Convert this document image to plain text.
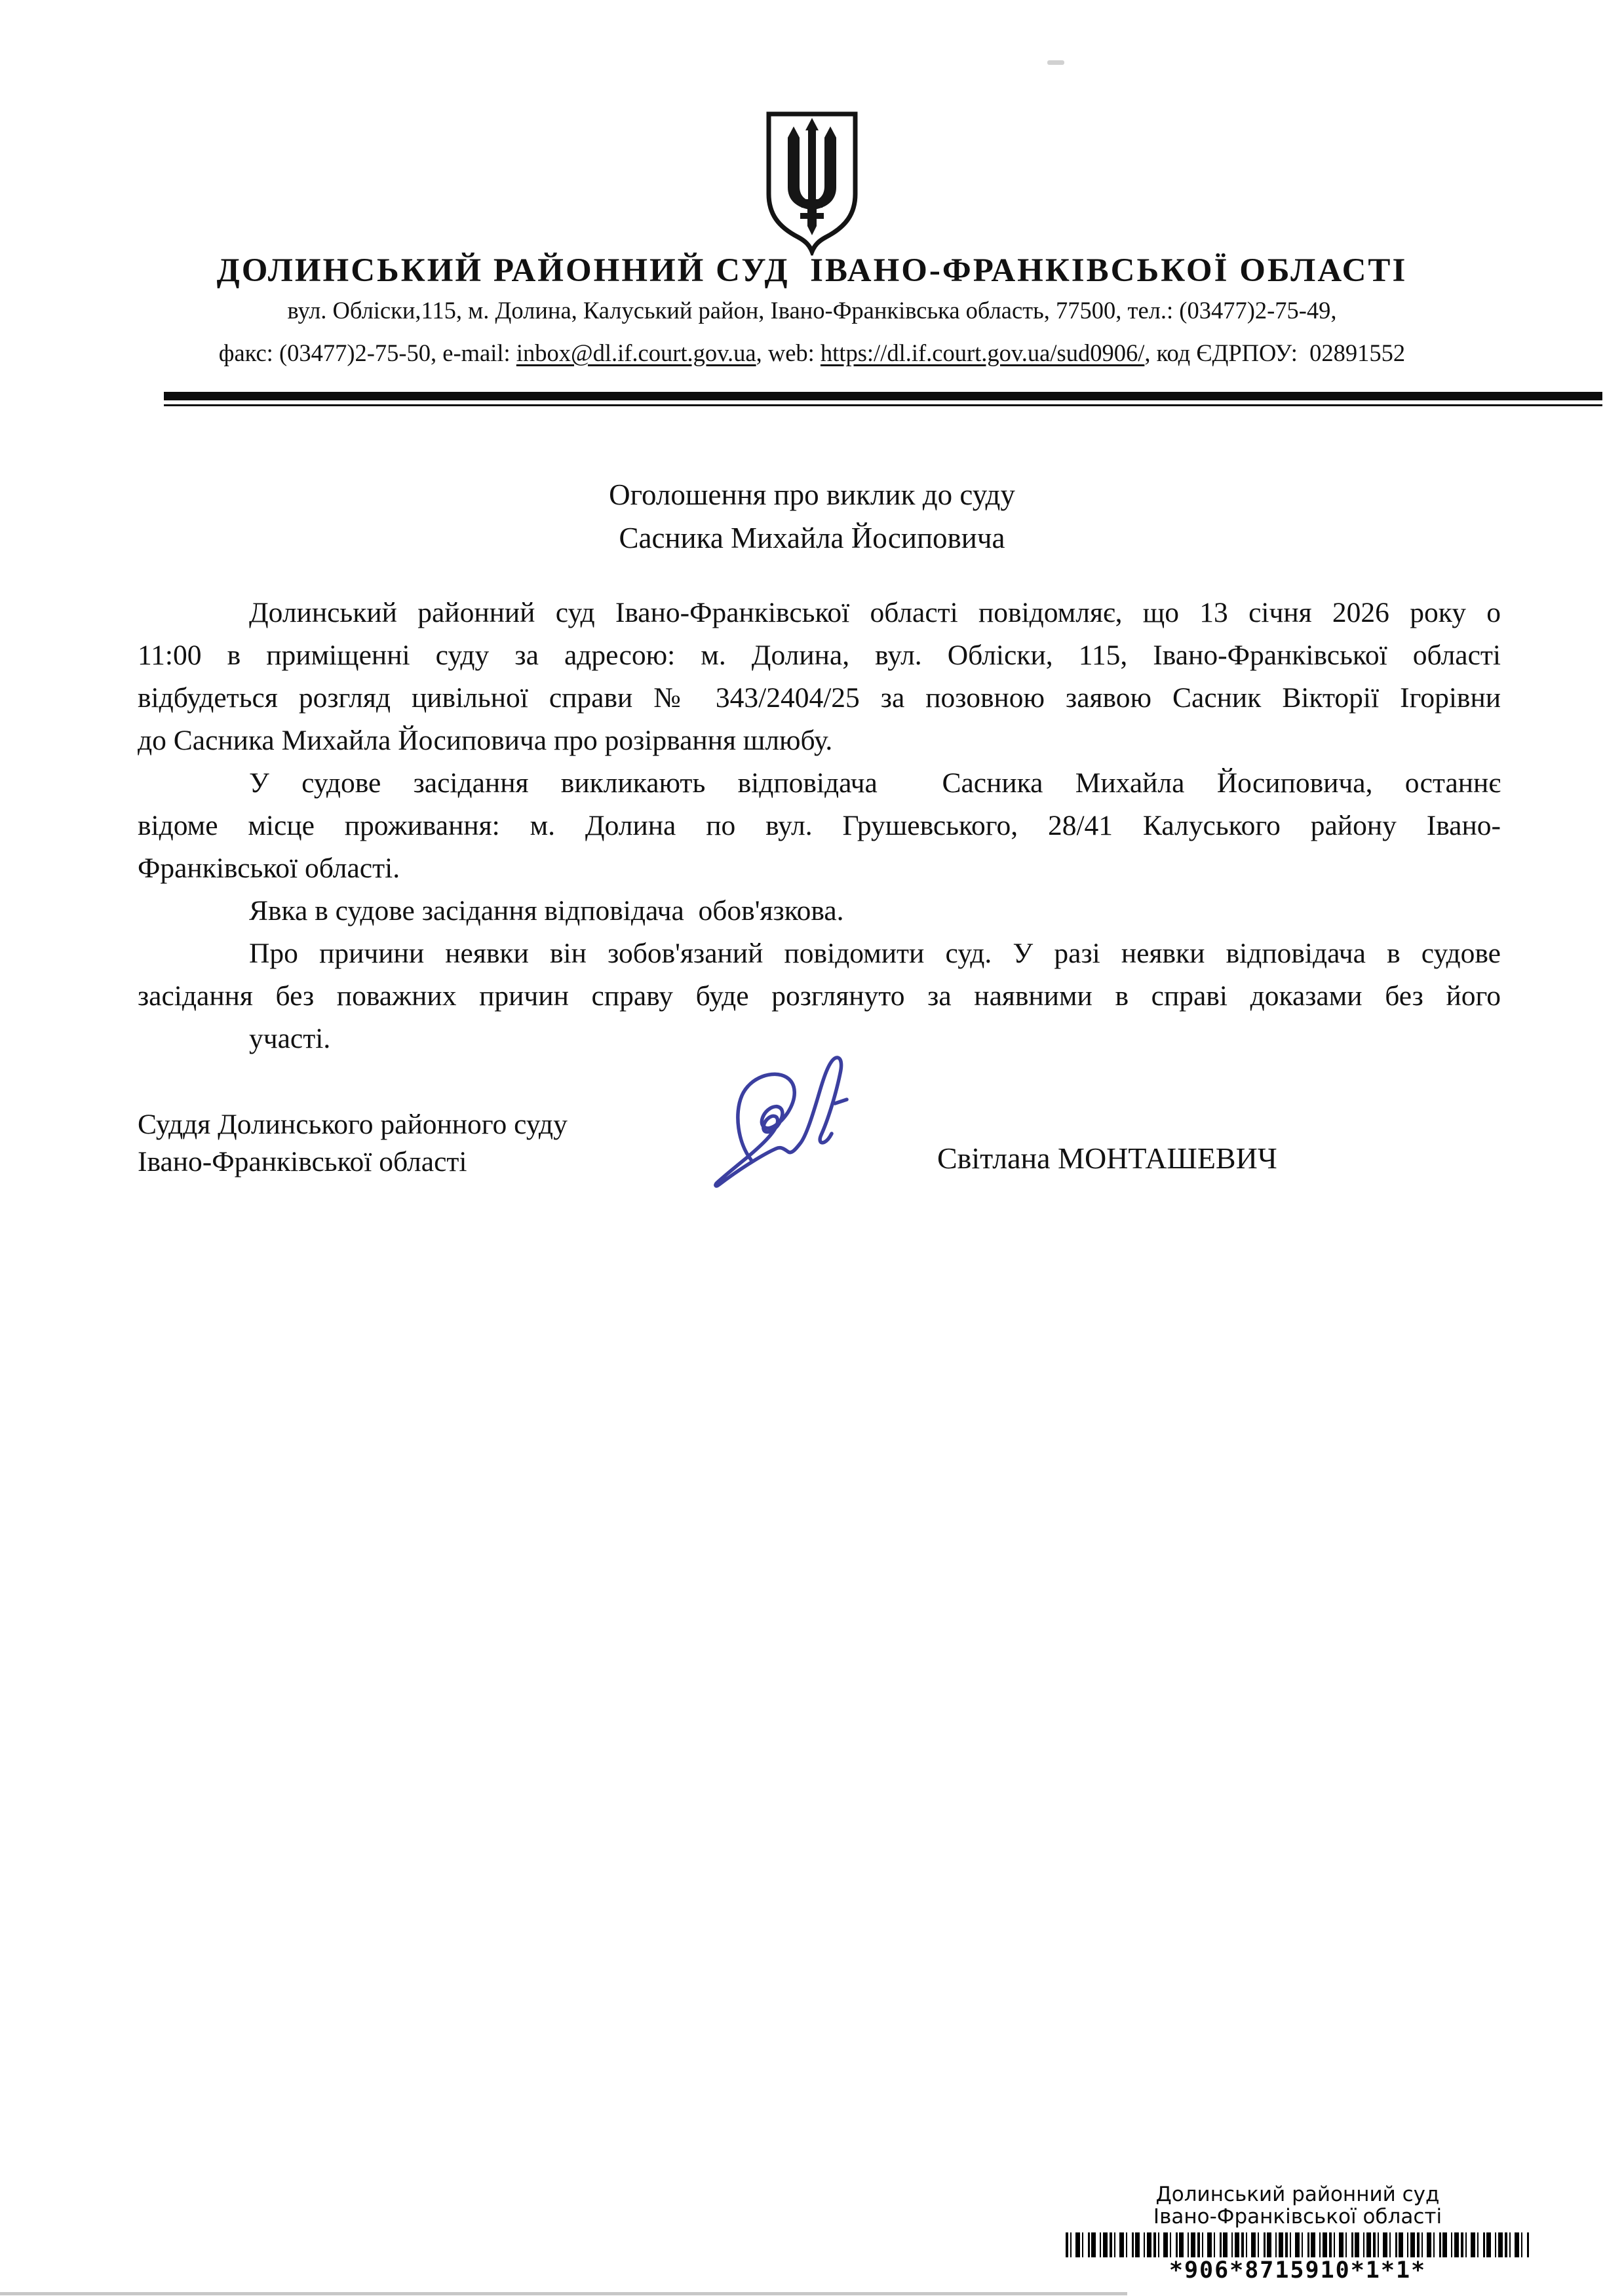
ДОЛИНСЬКИЙ РАЙОННИЙ СУД  ІВАНО-ФРАНКІВСЬКОЇ ОБЛАСТІ
вул. Обліски,115, м. Долина, Калуський район, Івано-Франківська область, 77500, тел.: (03477)2-75-49,
факс: (03477)2-75-50, e-mail: inbox@dl.if.court.gov.ua, web: https://dl.if.court.gov.ua/sud0906/, код ЄДРПОУ:  02891552
Оголошення про виклик до суду
Сасника Михайла Йосиповича
Долинський районний суд Івано-Франківської області повідомляє, що 13 січня 2026 року о
11:00 в приміщенні суду за адресою: м. Долина, вул. Обліски, 115, Івано-Франківської області
відбудеться розгляд цивільної справи № 343/2404/25 за позовною заявою Сасник Вікторії Ігорівни
до Сасника Михайла Йосиповича про розірвання шлюбу.
У судове засідання викликають відповідача  Сасника Михайла Йосиповича, останнє
відоме місце проживання: м. Долина по вул. Грушевського, 28/41 Калуського району Івано-
Франківської області.
Явка в судове засідання відповідача  обов'язкова.
Про причини неявки він зобов'язаний повідомити суд. У разі неявки відповідача в судове
засідання без поважних причин справу буде розглянуто за наявними в справі доказами без його
участі.
Суддя Долинського районного суду
Івано-Франківської області	Світлана МОНТАШЕВИЧ
Долинський районний суд
Івано-Франківської області
*906*8715910*1*1*
